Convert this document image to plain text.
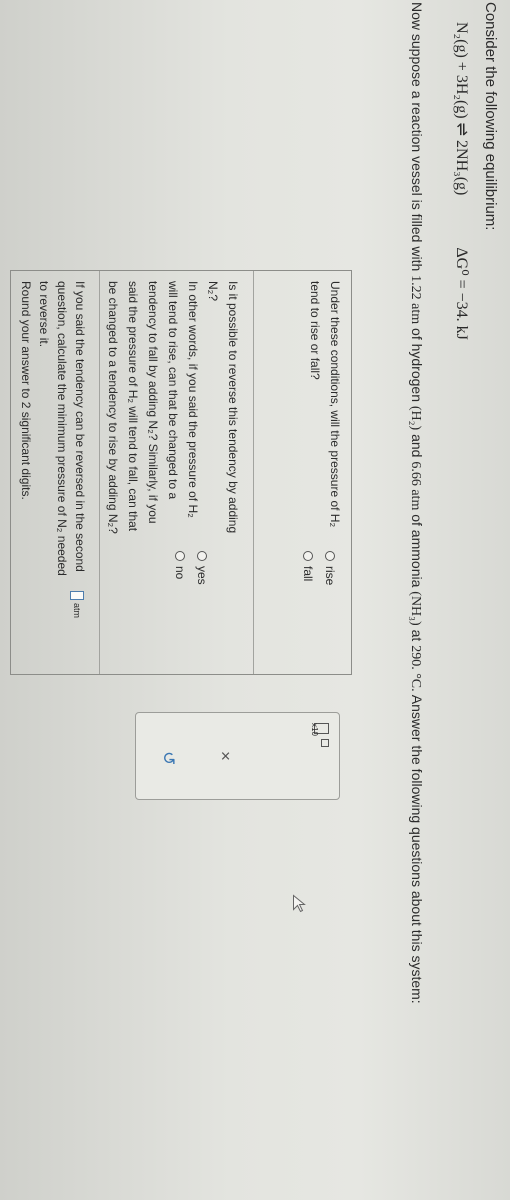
Consider the following equilibrium:
N₂(g) + 3H₂(g) ⇌ 2NH₃(g) ΔG⁰ = −34. kJ
Now suppose a reaction vessel is filled with 1.22 atm of hydrogen (H₂) and 6.66 atm of ammonia (NH₃) at 290. °C. Answer the following questions about this system:
Under these conditions, will the pressure of H₂ tend to rise or fall?
rise
fall
Is it possible to reverse this tendency by adding N₂?
In other words, if you said the pressure of H₂ will tend to rise, can that be changed to a tendency to fall by adding N₂? Similarly, if you said the pressure of H₂ will tend to fall, can that be changed to a tendency to rise by adding N₂?
yes
no
If you said the tendency can be reversed in the second question, calculate the minimum pressure of N₂ needed to reverse it.
Round your answer to 2 significant digits.
atm
x10
×
↺
